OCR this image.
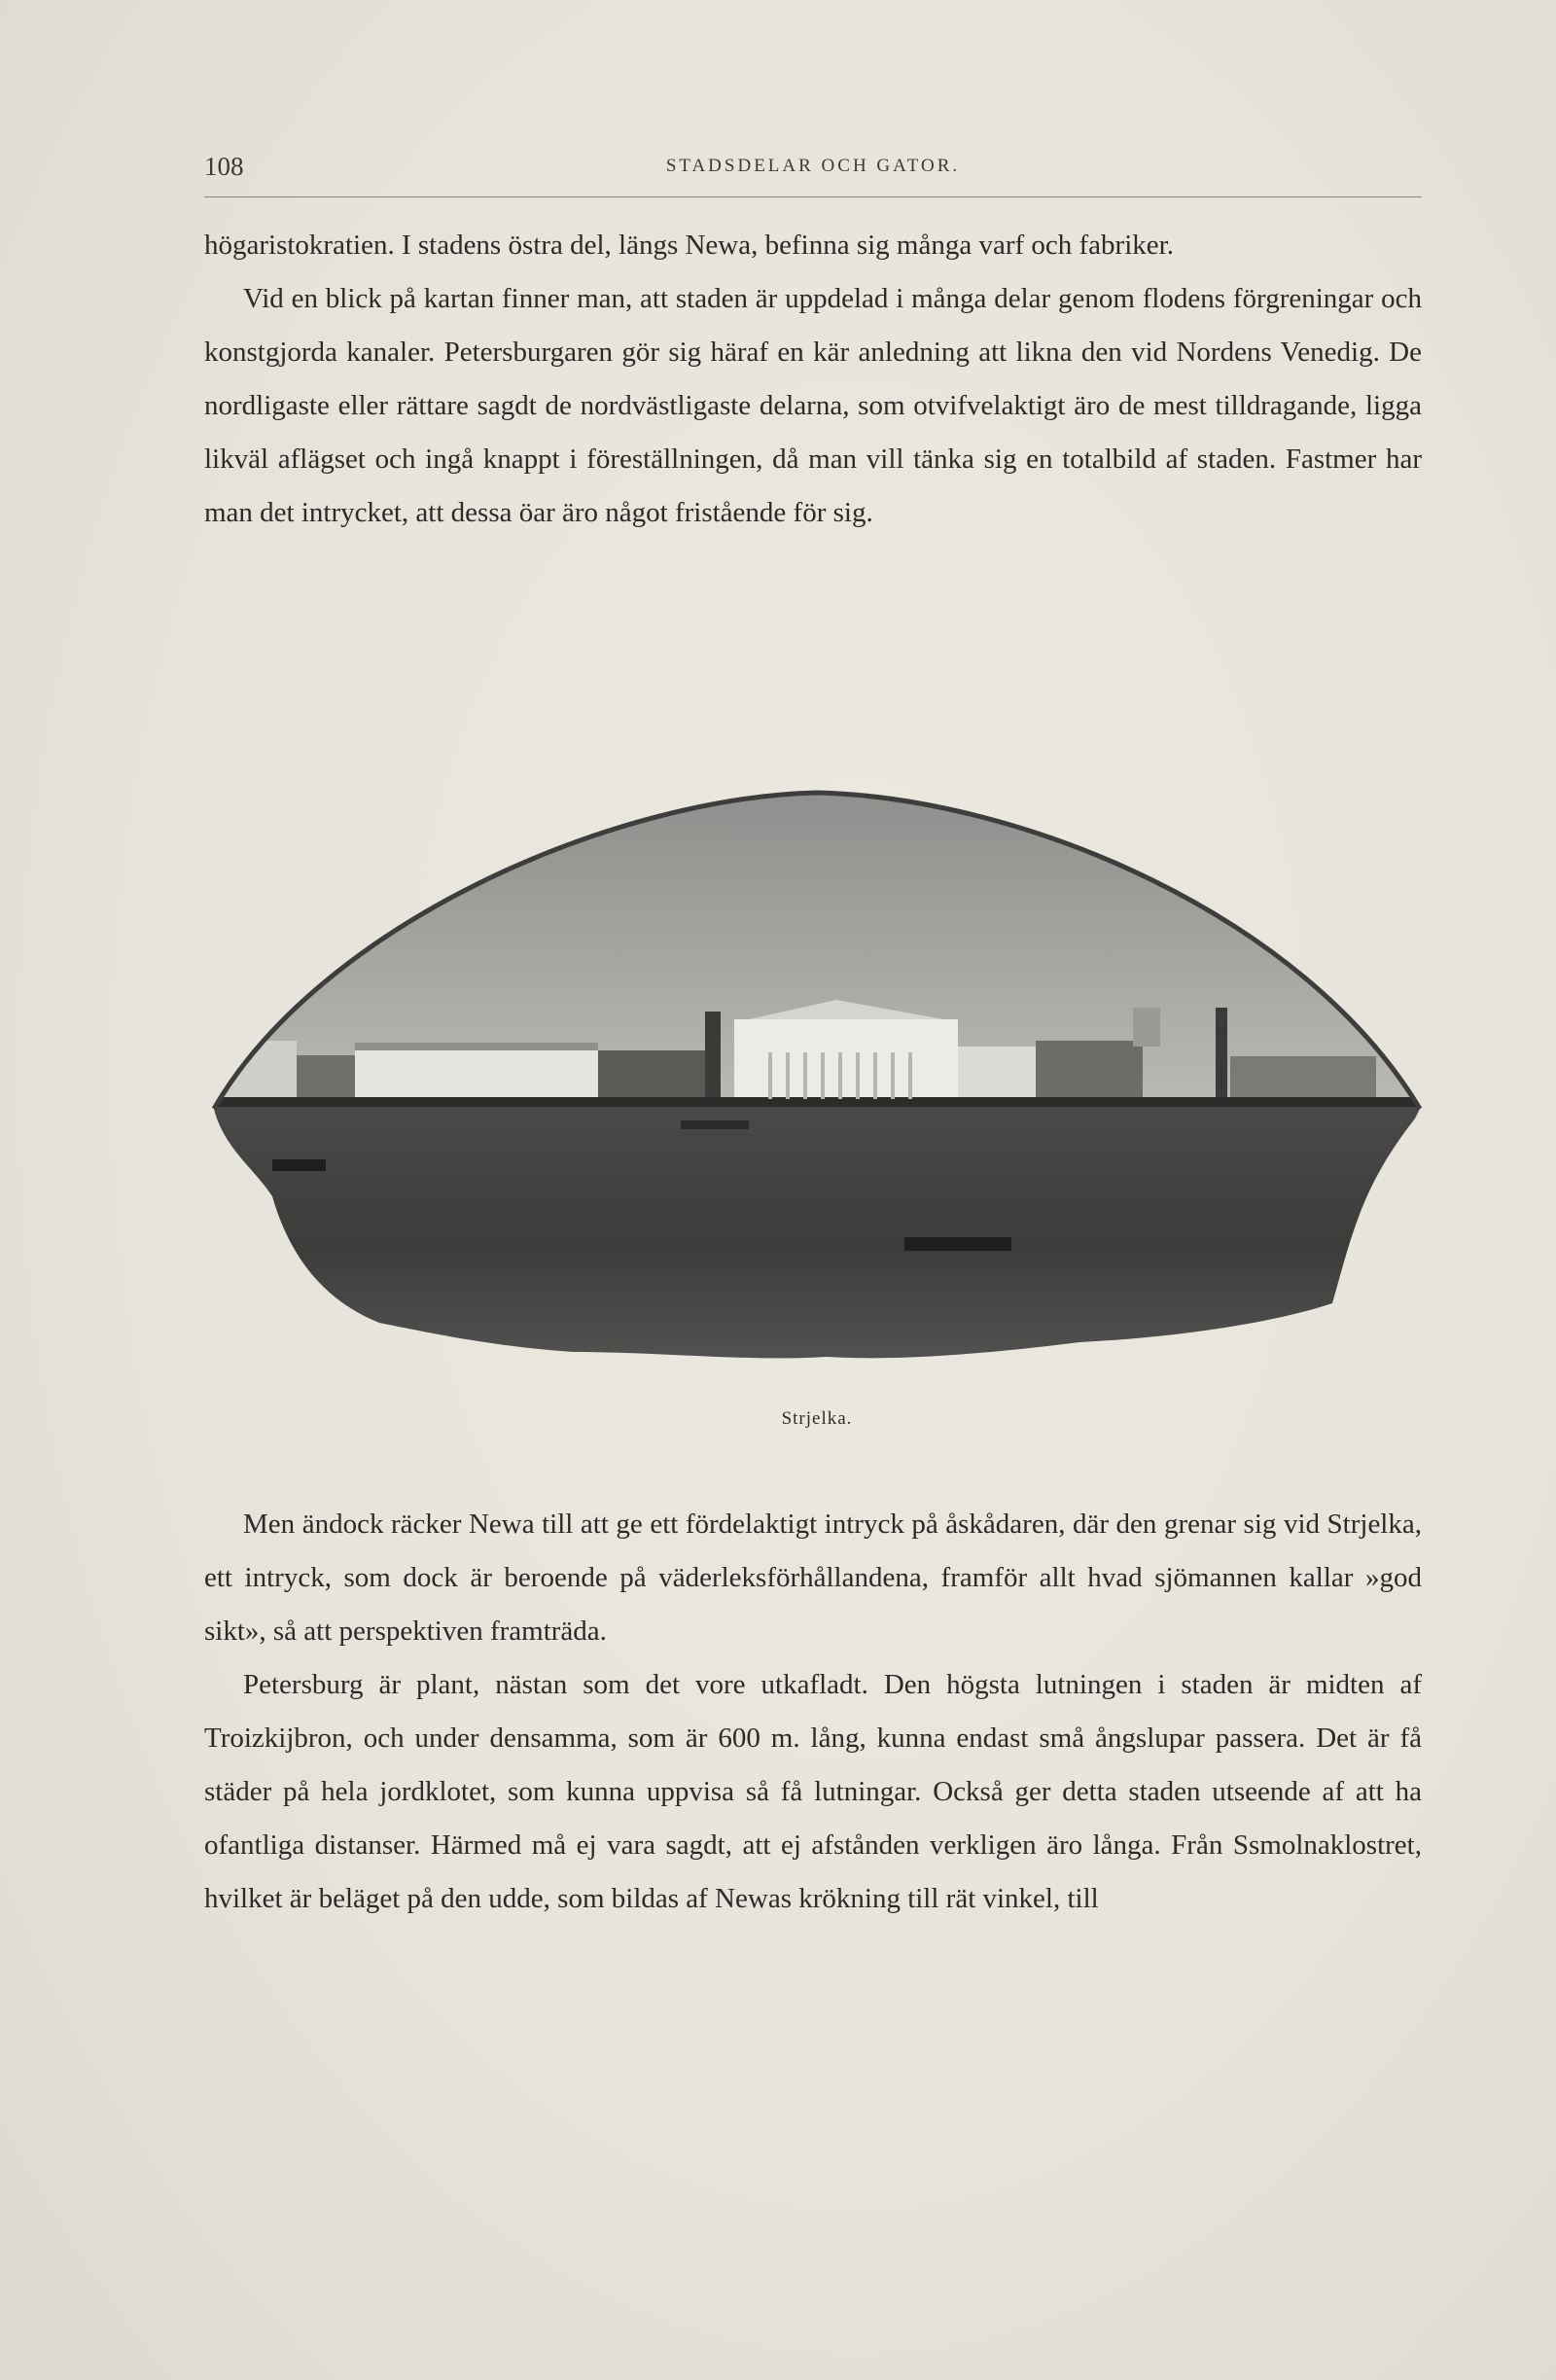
108	STADSDELAR OCH GATOR.

högaristokratien. I stadens östra del, längs Newa, befinna sig många varf och fabriker.

Vid en blick på kartan finner man, att staden är uppdelad i många delar genom flodens förgreningar och konstgjorda kanaler. Petersburgaren gör sig häraf en kär anledning att likna den vid Nordens Venedig. De nordligaste eller rättare sagdt de nordvästligaste delarna, som otvifvelaktigt äro de mest tilldragande, ligga likväl aflägset och ingå knappt i föreställningen, då man vill tänka sig en totalbild af staden. Fastmer har man det intrycket, att dessa öar äro något fristående för sig.

Strjelka.

Men ändock räcker Newa till att ge ett fördelaktigt intryck på åskådaren, där den grenar sig vid Strjelka, ett intryck, som dock är beroende på väderleksförhållandena, framför allt hvad sjömannen kallar »god sikt», så att perspektiven framträda.

Petersburg är plant, nästan som det vore utkafladt. Den högsta lutningen i staden är midten af Troizkijbron, och under densamma, som är 600 m. lång, kunna endast små ångslupar passera. Det är få städer på hela jordklotet, som kunna uppvisa så få lutningar. Också ger detta staden utseende af att ha ofantliga distanser. Härmed må ej vara sagdt, att ej afstånden verkligen äro långa. Från Ssmolnaklostret, hvilket är beläget på den udde, som bildas af Newas krökning till rät vinkel, till
